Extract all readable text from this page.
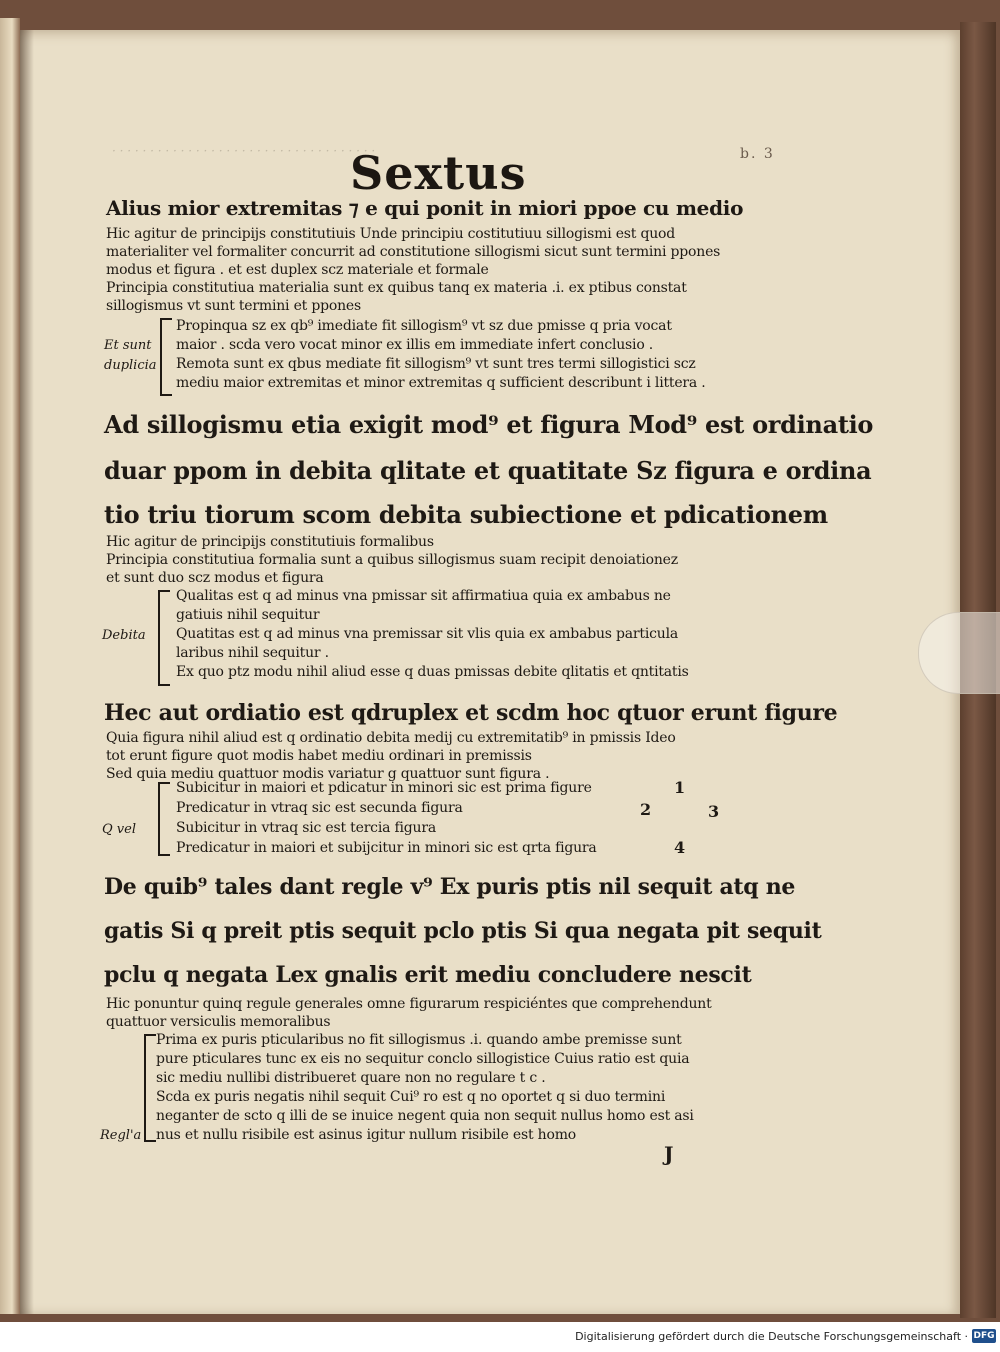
· · · · · · · · · · · · · · · · · · · · · · · · · · · · · · · · · · ·	b. 3
Sextus
Alius mior extremitas ⁊ e qui ponit in miori ppoe cu medio
Hic agitur de principijs constitutiuis Unde principiu costitutiuu sillogismi est quod
materialiter vel formaliter concurrit ad constitutione sillogismi sicut sunt termini ppones
modus et figura . et est duplex scz materiale et formale
Principia constitutiua materialia sunt ex quibus tanq ex materia .i. ex ptibus constat
sillogismus vt sunt termini et ppones
Et sunt
duplicia
Propinqua sz ex qb⁹ imediate fit sillogism⁹ vt sz due pmisse q pria vocat
maior . scda vero vocat minor ex illis em immediate infert conclusio .
Remota sunt ex qbus mediate fit sillogism⁹ vt sunt tres termi sillogistici scz
mediu maior extremitas et minor extremitas q sufficient describunt i littera .
Ad sillogismu etia exigit mod⁹ et figura Mod⁹ est ordinatio
duar ppom in debita qlitate et quatitate Sz figura e ordina
tio triu tiorum scom debita subiectione et pdicationem
Hic agitur de principijs constitutiuis formalibus
Principia constitutiua formalia sunt a quibus sillogismus suam recipit denoiationez
et sunt duo scz modus et figura
Debita
Qualitas est q ad minus vna pmissar sit affirmatiua quia ex ambabus ne
gatiuis nihil sequitur
Quatitas est q ad minus vna premissar sit vlis quia ex ambabus particula
laribus nihil sequitur .
Ex quo ptz modu nihil aliud esse q duas pmissas debite qlitatis et qntitatis
Hec aut ordiatio est qdruplex et scdm hoc qtuor erunt figure
Quia figura nihil aliud est q ordinatio debita medij cu extremitatib⁹ in pmissis Ideo
tot erunt figure quot modis habet mediu ordinari in premissis
Sed quia mediu quattuor modis variatur g quattuor sunt figura .
Q vel
Subicitur in maiori et pdicatur in minori sic est prima figure
Predicatur in vtraq sic est secunda figura
Subicitur in vtraq sic est tercia figura
Predicatur in maiori et subijcitur in minori sic est qrta figura
1
2	3
4
De quib⁹ tales dant regle v⁹ Ex puris ptis nil sequit atq ne
gatis Si q preit ptis sequit pclo ptis Si qua negata pit sequit
pclu q negata Lex gnalis erit mediu concludere nescit
Hic ponuntur quinq regule generales omne figurarum respiciéntes que comprehendunt
quattuor versiculis memoralibus
Regl'a
Prima ex puris pticularibus no fit sillogismus .i. quando ambe premisse sunt
pure pticulares tunc ex eis no sequitur conclo sillogistice Cuius ratio est quia
sic mediu nullibi distribueret quare non no regulare t c .
Scda ex puris negatis nihil sequit Cui⁹ ro est q no oportet q si duo termini
neganter de scto q illi de se inuice negent quia non sequit nullus homo est asi
nus et nullu risibile est asinus igitur nullum risibile est homo
J
Digitalisierung gefördert durch die Deutsche Forschungsgemeinschaft · DFG
